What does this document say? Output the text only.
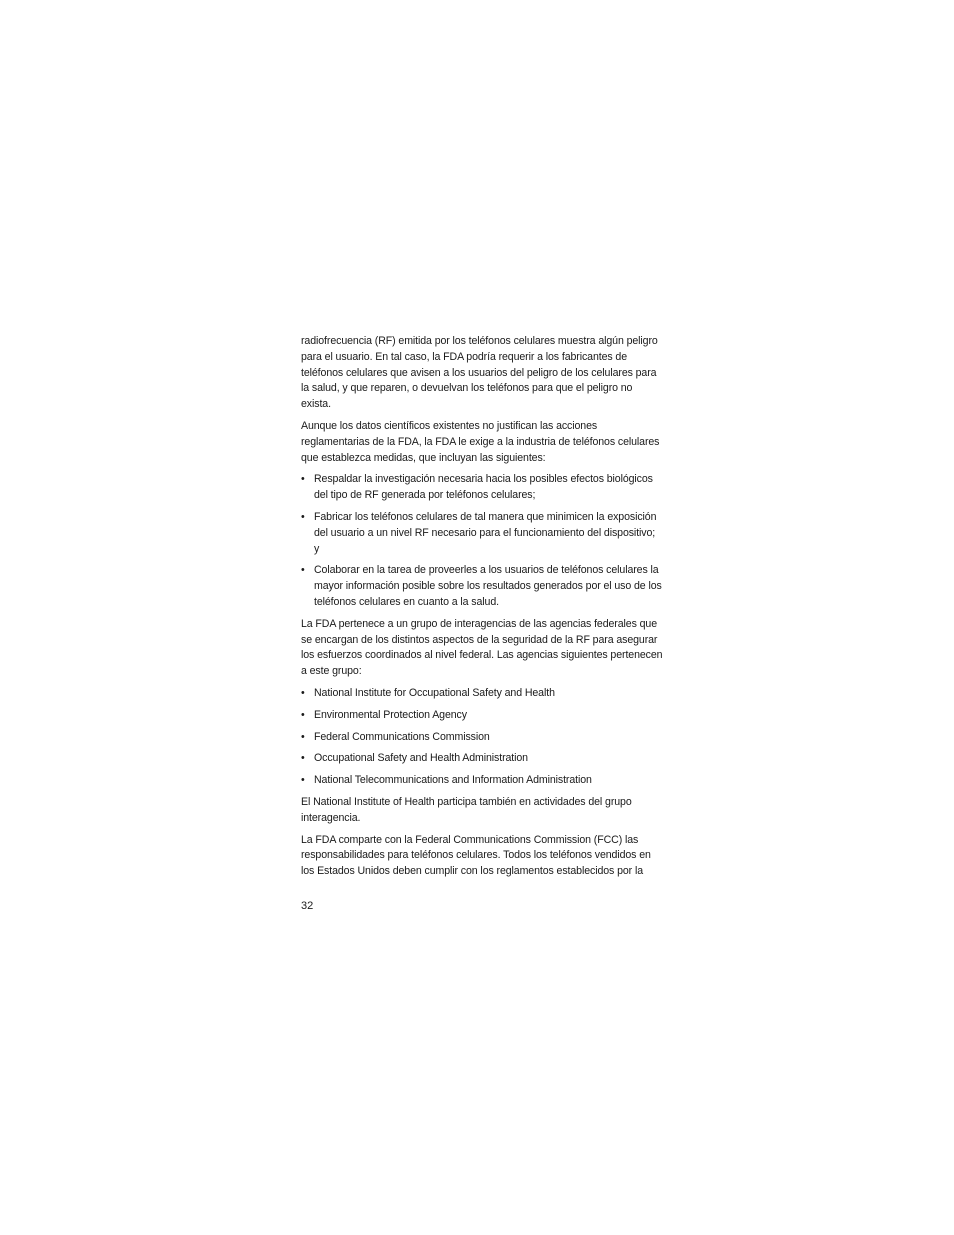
radiofrecuencia (RF) emitida por los teléfonos celulares muestra algún peligro para el usuario. En tal caso, la FDA podría requerir a los fabricantes de teléfonos celulares que avisen a los usuarios del peligro de los celulares para la salud, y que reparen, o devuelvan los teléfonos para que el peligro no exista.

Aunque los datos científicos existentes no justifican las acciones reglamentarias de la FDA, la FDA le exige a la industria de teléfonos celulares que establezca medidas, que incluyan las siguientes:

• Respaldar la investigación necesaria hacia los posibles efectos biológicos del tipo de RF generada por teléfonos celulares;
• Fabricar los teléfonos celulares de tal manera que minimicen la exposición del usuario a un nivel RF necesario para el funcionamiento del dispositivo; y
• Colaborar en la tarea de proveerles a los usuarios de teléfonos celulares la mayor información posible sobre los resultados generados por el uso de los teléfonos celulares en cuanto a la salud.

La FDA pertenece a un grupo de interagencias de las agencias federales que se encargan de los distintos aspectos de la seguridad de la RF para asegurar los esfuerzos coordinados al nivel federal. Las agencias siguientes pertenecen a este grupo:

• National Institute for Occupational Safety and Health
• Environmental Protection Agency
• Federal Communications Commission
• Occupational Safety and Health Administration
• National Telecommunications and Information Administration

El National Institute of Health participa también en actividades del grupo interagencia.

La FDA comparte con la Federal Communications Commission (FCC) las responsabilidades para teléfonos celulares. Todos los teléfonos vendidos en los Estados Unidos deben cumplir con los reglamentos establecidos por la

32
